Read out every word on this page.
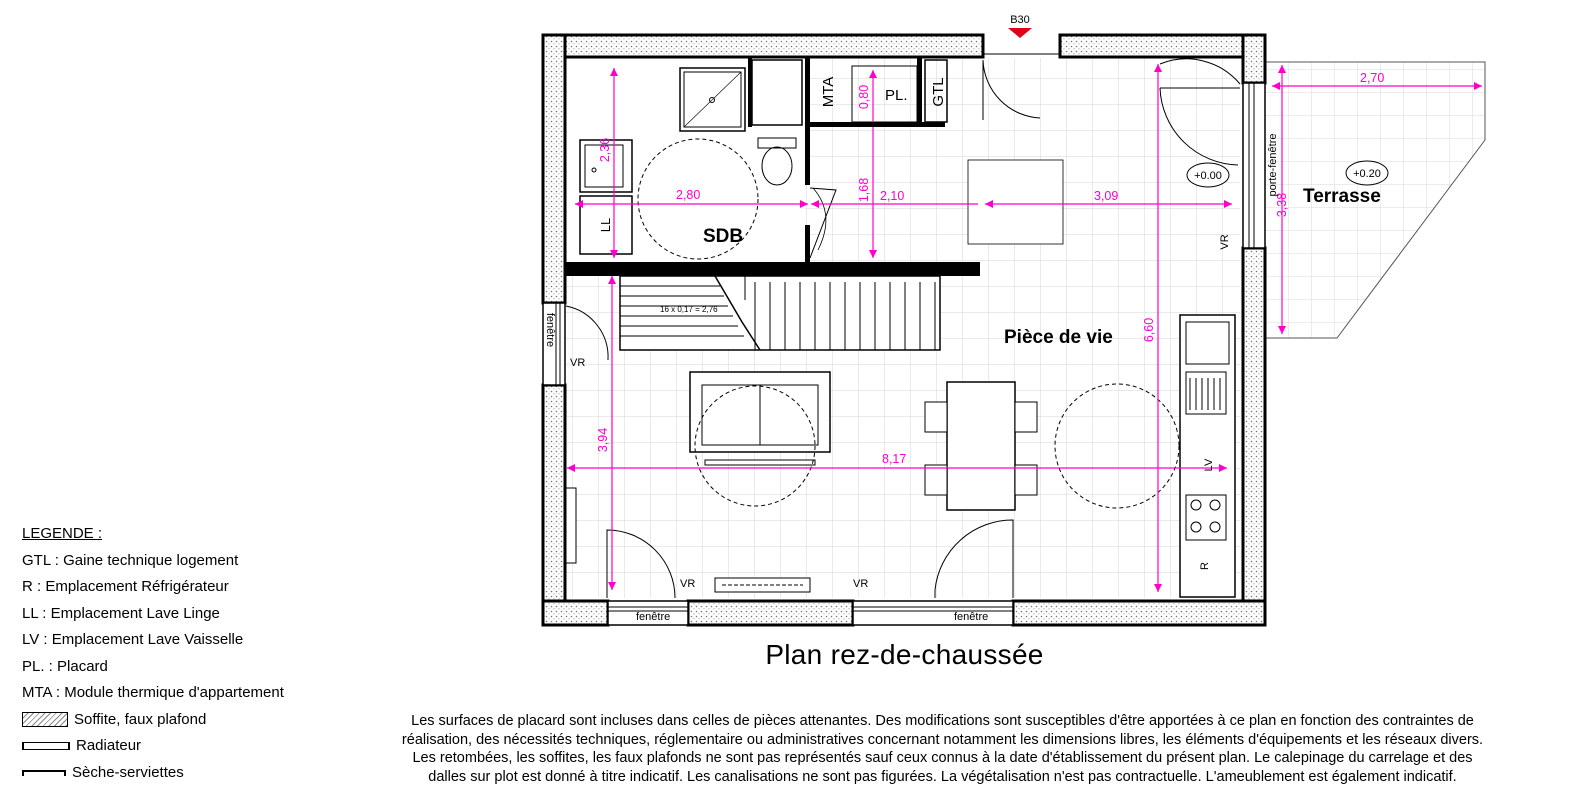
B30
16 x 0,17 = 2,76
2,70
2,80	2,10	3,09
8,17
2,36
1,68
0,80
6,60
3,94
3,38
SDB
Pièce de vie
Terrasse
PL. GTL
MTA
LL
LV
R
fenêtre	fenêtre
fenêtre
porte-fenêtre
VR
VR	VR
VR
+0.00	+0.20
LEGENDE :
GTL : Gaine technique logement
R : Emplacement Réfrigérateur
LL : Emplacement Lave Linge
LV : Emplacement Lave Vaisselle
PL. : Placard
MTA : Module thermique d'appartement
Soffite, faux plafond
Radiateur
Sèche-serviettes
Plan rez-de-chaussée
Les surfaces de placard sont incluses dans celles de pièces attenantes. Des modifications sont susceptibles d'être apportées à ce plan en fonction des contraintes de
réalisation, des nécessités techniques, réglementaire ou administratives concernant notamment les dimensions libres, les éléments d'équipements et les réseaux divers.
Les retombées, les soffites, les faux plafonds ne sont pas représentés sauf ceux connus à la date d'établissement du présent plan. Le calepinage du carrelage et des
dalles sur plot est donné à titre indicatif. Les canalisations ne sont pas figurées. La végétalisation n'est pas contractuelle. L'ameublement est également indicatif.
